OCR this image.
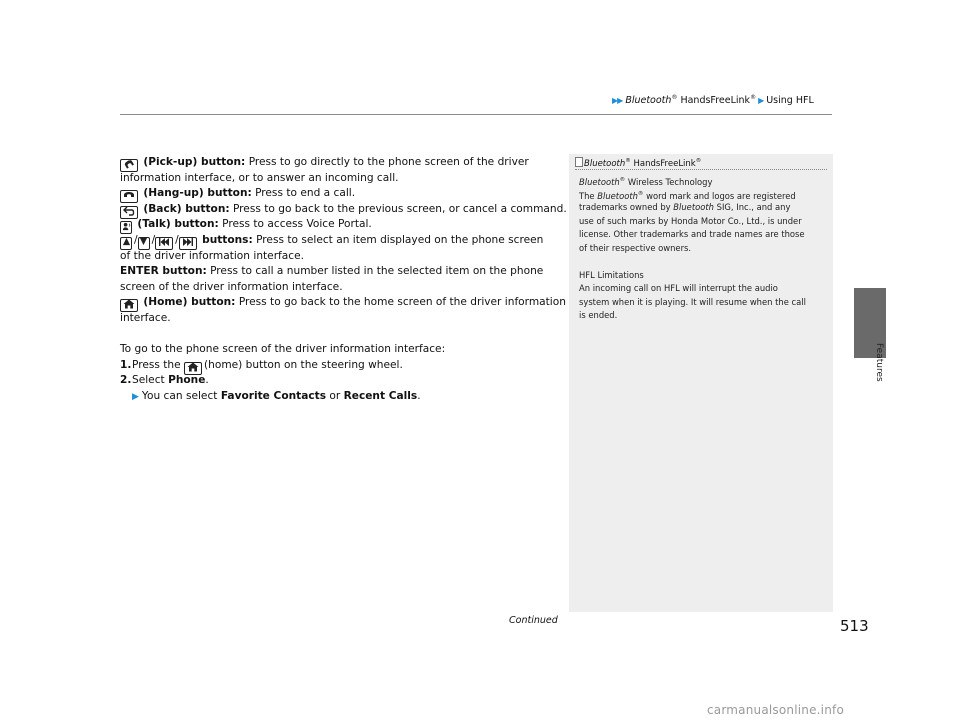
▶▶ Bluetooth® HandsFreeLink® ▶ Using HFL
Features
(Pick-up) button: Press to go directly to the phone screen of the driver
information interface, or to answer an incoming call.
(Hang-up) button: Press to end a call.
(Back) button: Press to go back to the previous screen, or cancel a command.
(Talk) button: Press to access Voice Portal.
/ / / buttons: Press to select an item displayed on the phone screen
of the driver information interface.
ENTER button: Press to call a number listed in the selected item on the phone
screen of the driver information interface.
(Home) button: Press to go back to the home screen of the driver information
interface.
To go to the phone screen of the driver information interface:
1.Press the (home) button on the steering wheel.
2.Select Phone.
▶ You can select Favorite Contacts or Recent Calls.
Bluetooth® HandsFreeLink®
Bluetooth® Wireless Technology
The Bluetooth® word mark and logos are registered
trademarks owned by Bluetooth SIG, Inc., and any
use of such marks by Honda Motor Co., Ltd., is under
license. Other trademarks and trade names are those
of their respective owners.
HFL Limitations
An incoming call on HFL will interrupt the audio
system when it is playing. It will resume when the call
is ended.
Continued	513
carmanualsonline.info
